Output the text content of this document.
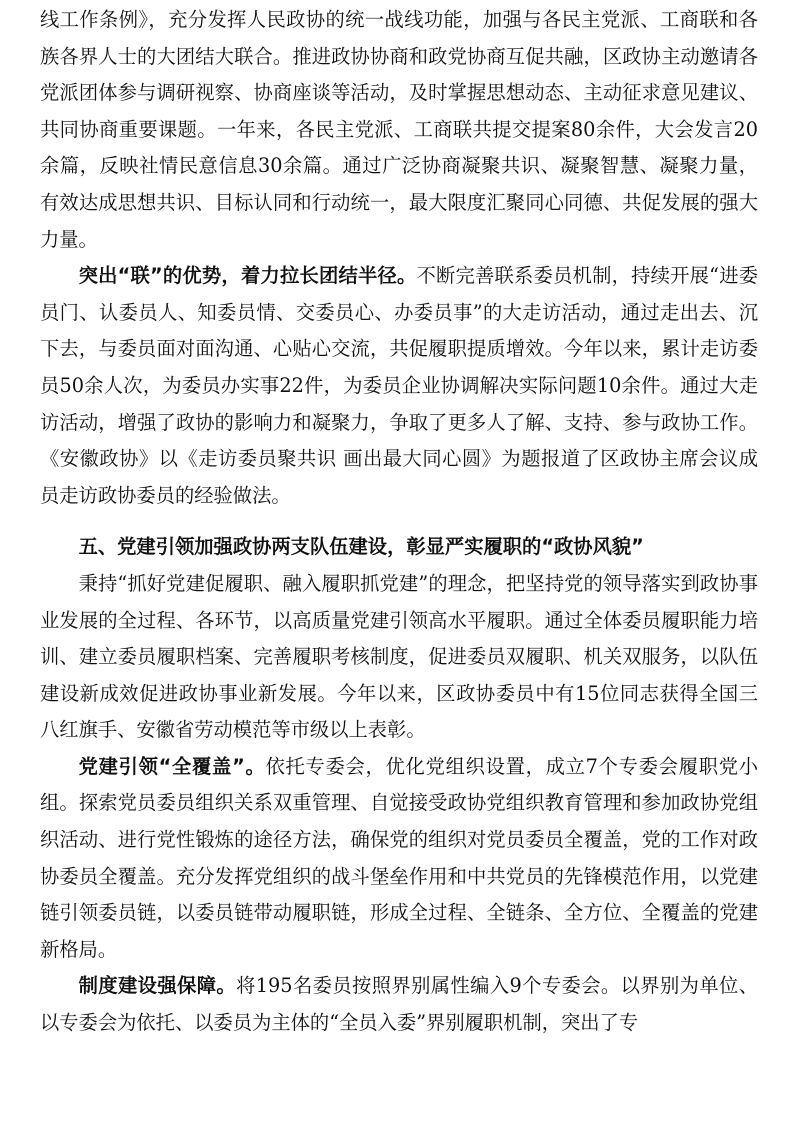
线工作条例》，充分发挥人民政协的统一战线功能，加强与各民主党派、工商联和各族各界人士的大团结大联合。推进政协协商和政党协商互促共融，区政协主动邀请各党派团体参与调研视察、协商座谈等活动，及时掌握思想动态、主动征求意见建议、共同协商重要课题。一年来，各民主党派、工商联共提交提案80余件，大会发言20余篇，反映社情民意信息30余篇。通过广泛协商凝聚共识、凝聚智慧、凝聚力量，有效达成思想共识、目标认同和行动统一，最大限度汇聚同心同德、共促发展的强大力量。

突出“联”的优势，着力拉长团结半径。不断完善联系委员机制，持续开展“进委员门、认委员人、知委员情、交委员心、办委员事”的大走访活动，通过走出去、沉下去，与委员面对面沟通、心贴心交流，共促履职提质增效。今年以来，累计走访委员50余人次，为委员办实事22件，为委员企业协调解决实际问题10余件。通过大走访活动，增强了政协的影响力和凝聚力，争取了更多人了解、支持、参与政协工作。《安徽政协》以《走访委员聚共识 画出最大同心圆》为题报道了区政协主席会议成员走访政协委员的经验做法。

五、党建引领加强政协两支队伍建设，彰显严实履职的“政协风貌”

秉持“抓好党建促履职、融入履职抓党建”的理念，把坚持党的领导落实到政协事业发展的全过程、各环节，以高质量党建引领高水平履职。通过全体委员履职能力培训、建立委员履职档案、完善履职考核制度，促进委员双履职、机关双服务，以队伍建设新成效促进政协事业新发展。今年以来，区政协委员中有15位同志获得全国三八红旗手、安徽省劳动模范等市级以上表彰。

党建引领“全覆盖”。依托专委会，优化党组织设置，成立7个专委会履职党小组。探索党员委员组织关系双重管理、自觉接受政协党组织教育管理和参加政协党组织活动、进行党性锻炼的途径方法，确保党的组织对党员委员全覆盖，党的工作对政协委员全覆盖。充分发挥党组织的战斗堡垒作用和中共党员的先锋模范作用，以党建链引领委员链，以委员链带动履职链，形成全过程、全链条、全方位、全覆盖的党建新格局。

制度建设强保障。将195名委员按照界别属性编入9个专委会。以界别为单位、以专委会为依托、以委员为主体的“全员入委”界别履职机制，突出了专
